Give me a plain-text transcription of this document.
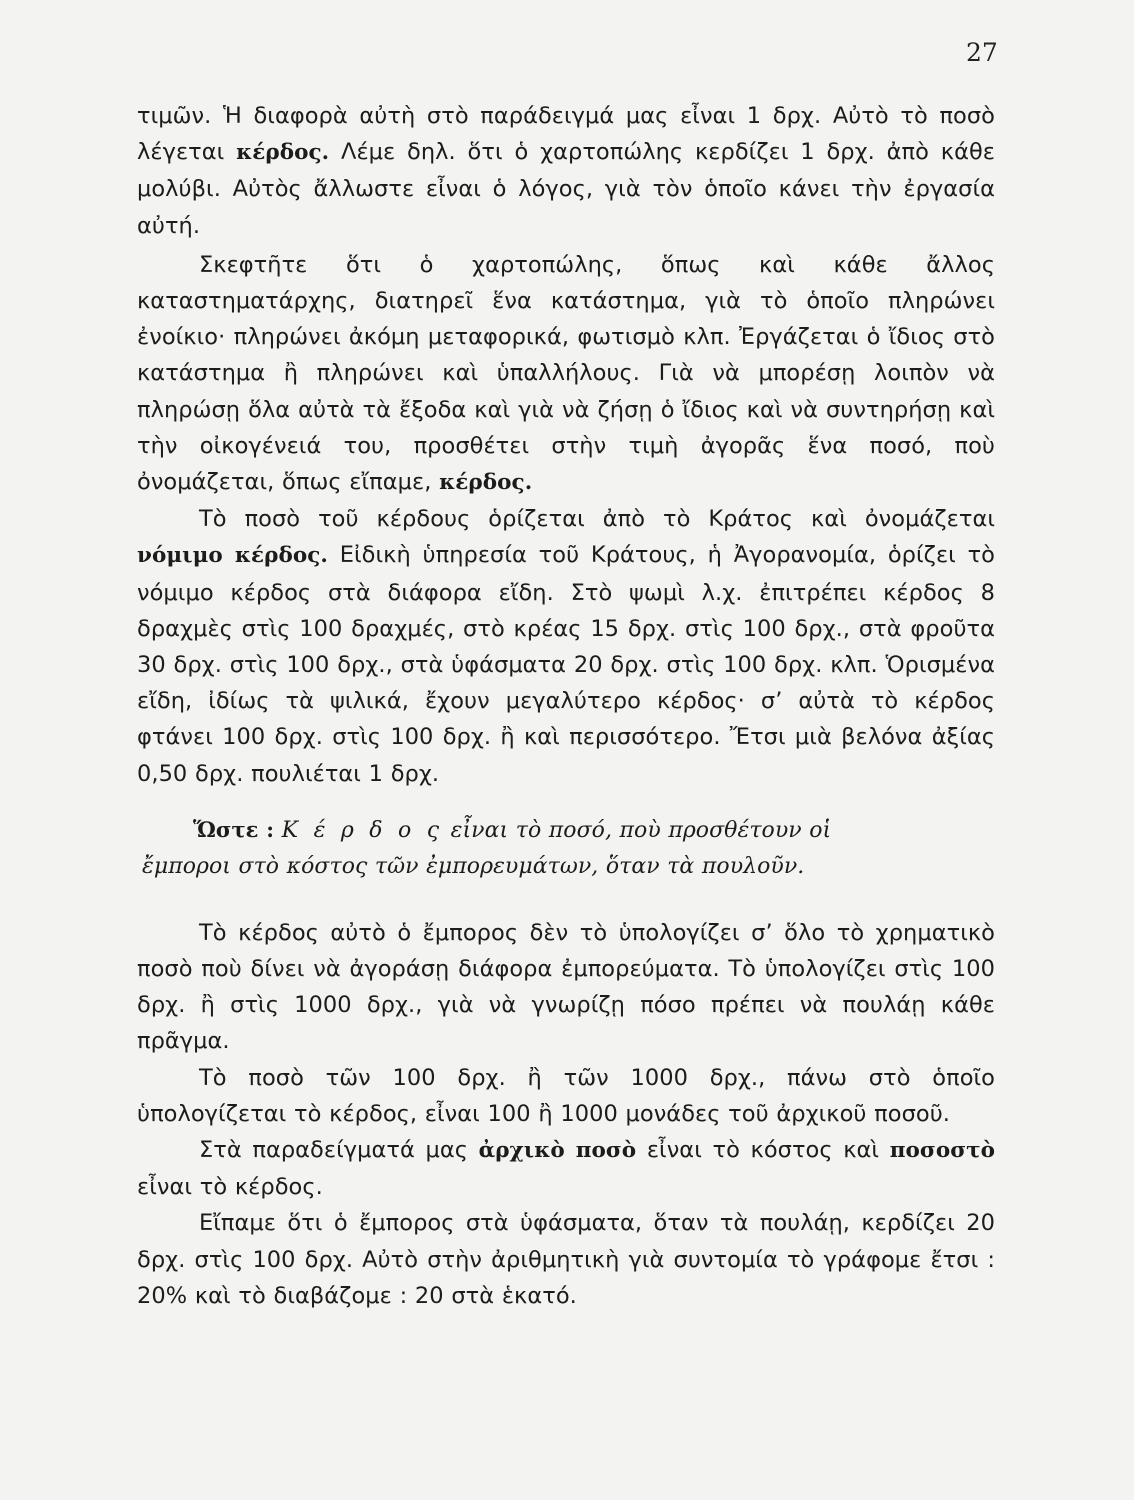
27

τιμῶν. Ἡ διαφορὰ αὐτὴ στὸ παράδειγμά μας εἶναι 1 δρχ. Αὐτὸ τὸ ποσὸ λέγεται κέρδος. Λέμε δηλ. ὅτι ὁ χαρτοπώλης κερδίζει 1 δρχ. ἀπὸ κάθε μολύβι. Αὐτὸς ἄλλωστε εἶναι ὁ λόγος, γιὰ τὸν ὁποῖο κάνει τὴν ἐργασία αὐτή.

Σκεφτῆτε ὅτι ὁ χαρτοπώλης, ὅπως καὶ κάθε ἄλλος καταστηματάρχης, διατηρεῖ ἕνα κατάστημα, γιὰ τὸ ὁποῖο πληρώνει ἐνοίκιο· πληρώνει ἀκόμη μεταφορικά, φωτισμὸ κλπ. Ἐργάζεται ὁ ἴδιος στὸ κατάστημα ἢ πληρώνει καὶ ὑπαλλήλους. Γιὰ νὰ μπορέσῃ λοιπὸν νὰ πληρώσῃ ὅλα αὐτὰ τὰ ἔξοδα καὶ γιὰ νὰ ζήσῃ ὁ ἴδιος καὶ νὰ συντηρήσῃ καὶ τὴν οἰκογένειά του, προσθέτει στὴν τιμὴ ἀγορᾶς ἕνα ποσό, ποὺ ὀνομάζεται, ὅπως εἴπαμε, κέρδος.

Τὸ ποσὸ τοῦ κέρδους ὁρίζεται ἀπὸ τὸ Κράτος καὶ ὀνομάζεται νόμιμο κέρδος. Εἰδικὴ ὑπηρεσία τοῦ Κράτους, ἡ Ἀγορανομία, ὁρίζει τὸ νόμιμο κέρδος στὰ διάφορα εἴδη. Στὸ ψωμὶ λ.χ. ἐπιτρέπει κέρδος 8 δραχμὲς στὶς 100 δραχμές, στὸ κρέας 15 δρχ. στὶς 100 δρχ., στὰ φροῦτα 30 δρχ. στὶς 100 δρχ., στὰ ὑφάσματα 20 δρχ. στὶς 100 δρχ. κλπ. Ὁρισμένα εἴδη, ἰδίως τὰ ψιλικά, ἔχουν μεγαλύτερο κέρδος· σ’ αὐτὰ τὸ κέρδος φτάνει 100 δρχ. στὶς 100 δρχ. ἢ καὶ περισσότερο. Ἔτσι μιὰ βελόνα ἀξίας 0,50 δρχ. πουλιέται 1 δρχ.

Ὥστε : Κ έ ρ δ ο ς εἶναι τὸ ποσό, ποὺ προσθέτουν οἱ
ἔμποροι στὸ κόστος τῶν ἐμπορευμάτων, ὅταν τὰ πουλοῦν.

Τὸ κέρδος αὐτὸ ὁ ἔμπορος δὲν τὸ ὑπολογίζει σ’ ὅλο τὸ χρηματικὸ ποσὸ ποὺ δίνει νὰ ἀγοράσῃ διάφορα ἐμπορεύματα. Τὸ ὑπολογίζει στὶς 100 δρχ. ἢ στὶς 1000 δρχ., γιὰ νὰ γνωρίζῃ πόσο πρέπει νὰ πουλάῃ κάθε πρᾶγμα.

Τὸ ποσὸ τῶν 100 δρχ. ἢ τῶν 1000 δρχ., πάνω στὸ ὁποῖο ὑπολογίζεται τὸ κέρδος, εἶναι 100 ἢ 1000 μονάδες τοῦ ἀρχικοῦ ποσοῦ.

Στὰ παραδείγματά μας ἀρχικὸ ποσὸ εἶναι τὸ κόστος καὶ ποσοστὸ εἶναι τὸ κέρδος.

Εἴπαμε ὅτι ὁ ἔμπορος στὰ ὑφάσματα, ὅταν τὰ πουλάῃ, κερδίζει 20 δρχ. στὶς 100 δρχ. Αὐτὸ στὴν ἀριθμητικὴ γιὰ συντομία τὸ γράφομε ἔτσι : 20% καὶ τὸ διαβάζομε : 20 στὰ ἑκατό.
